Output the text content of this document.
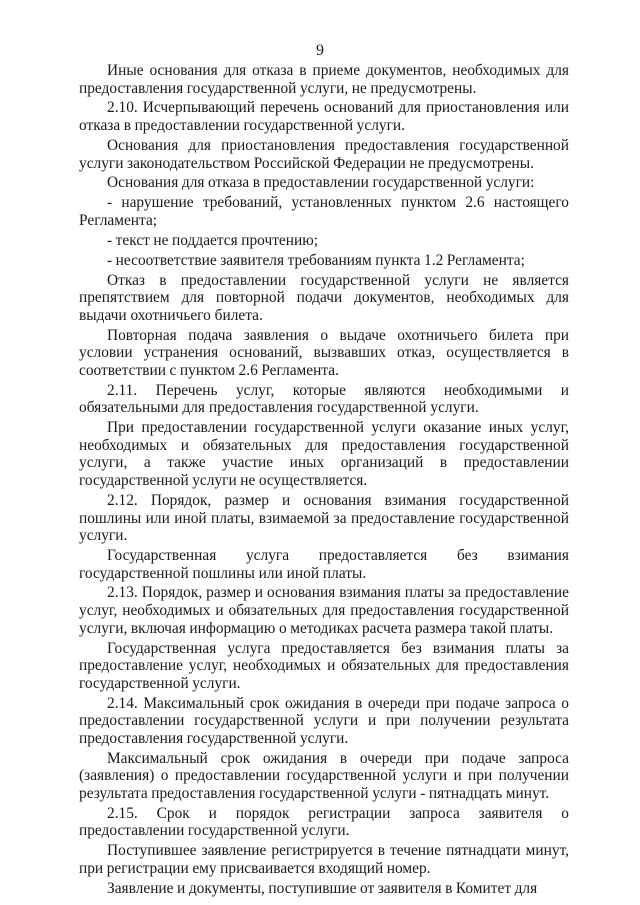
9

Иные основания для отказа в приеме документов, необходимых для предоставления государственной услуги, не предусмотрены.

2.10. Исчерпывающий перечень оснований для приостановления или отказа в предоставлении государственной услуги.

Основания для приостановления предоставления государственной услуги законодательством Российской Федерации не предусмотрены.

Основания для отказа в предоставлении государственной услуги:

- нарушение требований, установленных пунктом 2.6 настоящего Регламента;

- текст не поддается прочтению;

- несоответствие заявителя требованиям пункта 1.2 Регламента;

Отказ в предоставлении государственной услуги не является препятствием для повторной подачи документов, необходимых для выдачи охотничьего билета.

Повторная подача заявления о выдаче охотничьего билета при условии устранения оснований, вызвавших отказ, осуществляется в соответствии с пунктом 2.6 Регламента.

2.11. Перечень услуг, которые являются необходимыми и обязательными для предоставления государственной услуги.

При предоставлении государственной услуги оказание иных услуг, необходимых и обязательных для предоставления государственной услуги, а также участие иных организаций в предоставлении государственной услуги не осуществляется.

2.12. Порядок, размер и основания взимания государственной пошлины или иной платы, взимаемой за предоставление государственной услуги.

Государственная услуга предоставляется без взимания государственной пошлины или иной платы.

2.13. Порядок, размер и основания взимания платы за предоставление услуг, необходимых и обязательных для предоставления государственной услуги, включая информацию о методиках расчета размера такой платы.

Государственная услуга предоставляется без взимания платы за предоставление услуг, необходимых и обязательных для предоставления государственной услуги.

2.14. Максимальный срок ожидания в очереди при подаче запроса о предоставлении государственной услуги и при получении результата предоставления государственной услуги.

Максимальный срок ожидания в очереди при подаче запроса (заявления) о предоставлении государственной услуги и при получении результата предоставления государственной услуги - пятнадцать минут.

2.15. Срок и порядок регистрации запроса заявителя о предоставлении государственной услуги.

Поступившее заявление регистрируется в течение пятнадцати минут, при регистрации ему присваивается входящий номер.

Заявление и документы, поступившие от заявителя в Комитет для
